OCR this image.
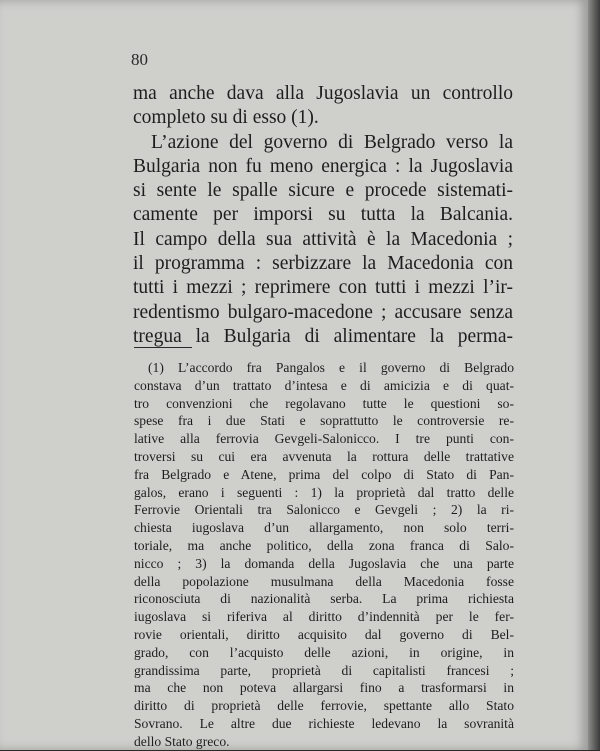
80
ma anche dava alla Jugoslavia un controllo
completo su di esso (1).
L’azione del governo di Belgrado verso la
Bulgaria non fu meno energica : la Jugoslavia
si sente le spalle sicure e procede sistemati-
camente per imporsi su tutta la Balcania.
Il campo della sua attività è la Macedonia ;
il programma : serbizzare la Macedonia con
tutti i mezzi ; reprimere con tutti i mezzi l’ir-
redentismo bulgaro-macedone ; accusare senza
tregua la Bulgaria di alimentare la perma-
(1) L’accordo fra Pangalos e il governo di Belgrado
constava d’un trattato d’intesa e di amicizia e di quat-
tro convenzioni che regolavano tutte le questioni so-
spese fra i due Stati e soprattutto le controversie re-
lative alla ferrovia Gevgeli-Salonicco. I tre punti con-
troversi su cui era avvenuta la rottura delle trattative
fra Belgrado e Atene, prima del colpo di Stato di Pan-
galos, erano i seguenti : 1) la proprietà dal tratto delle
Ferrovie Orientali tra Salonicco e Gevgeli ; 2) la ri-
chiesta iugoslava d’un allargamento, non solo terri-
toriale, ma anche politico, della zona franca di Salo-
nicco ; 3) la domanda della Jugoslavia che una parte
della popolazione musulmana della Macedonia fosse
riconosciuta di nazionalità serba. La prima richiesta
iugoslava si riferiva al diritto d’indennità per le fer-
rovie orientali, diritto acquisito dal governo di Bel-
grado, con l’acquisto delle azioni, in origine, in
grandissima parte, proprietà di capitalisti francesi ;
ma che non poteva allargarsi fino a trasformarsi in
diritto di proprietà delle ferrovie, spettante allo Stato
Sovrano. Le altre due richieste ledevano la sovranità
dello Stato greco.
